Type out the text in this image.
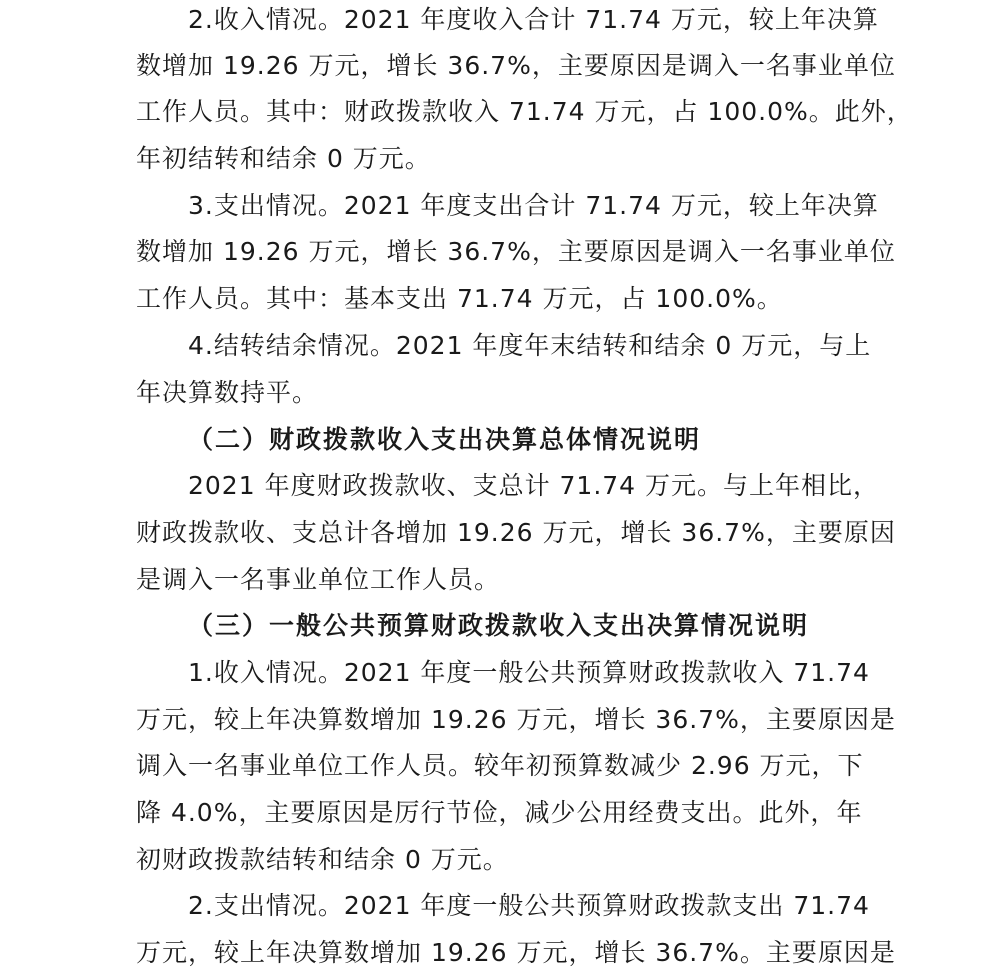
2.收入情况。2021 年度收入合计 71.74 万元，较上年决算
数增加 19.26 万元，增长 36.7%，主要原因是调入一名事业单位
工作人员。其中：财政拨款收入 71.74 万元，占 100.0%。此外，
年初结转和结余 0 万元。
3.支出情况。2021 年度支出合计 71.74 万元，较上年决算
数增加 19.26 万元，增长 36.7%，主要原因是调入一名事业单位
工作人员。其中：基本支出 71.74 万元，占 100.0%。
4.结转结余情况。2021 年度年末结转和结余 0 万元，与上
年决算数持平。
（二）财政拨款收入支出决算总体情况说明
2021 年度财政拨款收、支总计 71.74 万元。与上年相比，
财政拨款收、支总计各增加 19.26 万元，增长 36.7%，主要原因
是调入一名事业单位工作人员。
（三）一般公共预算财政拨款收入支出决算情况说明
1.收入情况。2021 年度一般公共预算财政拨款收入 71.74
万元，较上年决算数增加 19.26 万元，增长 36.7%，主要原因是
调入一名事业单位工作人员。较年初预算数减少 2.96 万元，下
降 4.0%，主要原因是厉行节俭，减少公用经费支出。此外，年
初财政拨款结转和结余 0 万元。
2.支出情况。2021 年度一般公共预算财政拨款支出 71.74
万元，较上年决算数增加 19.26 万元，增长 36.7%。主要原因是
